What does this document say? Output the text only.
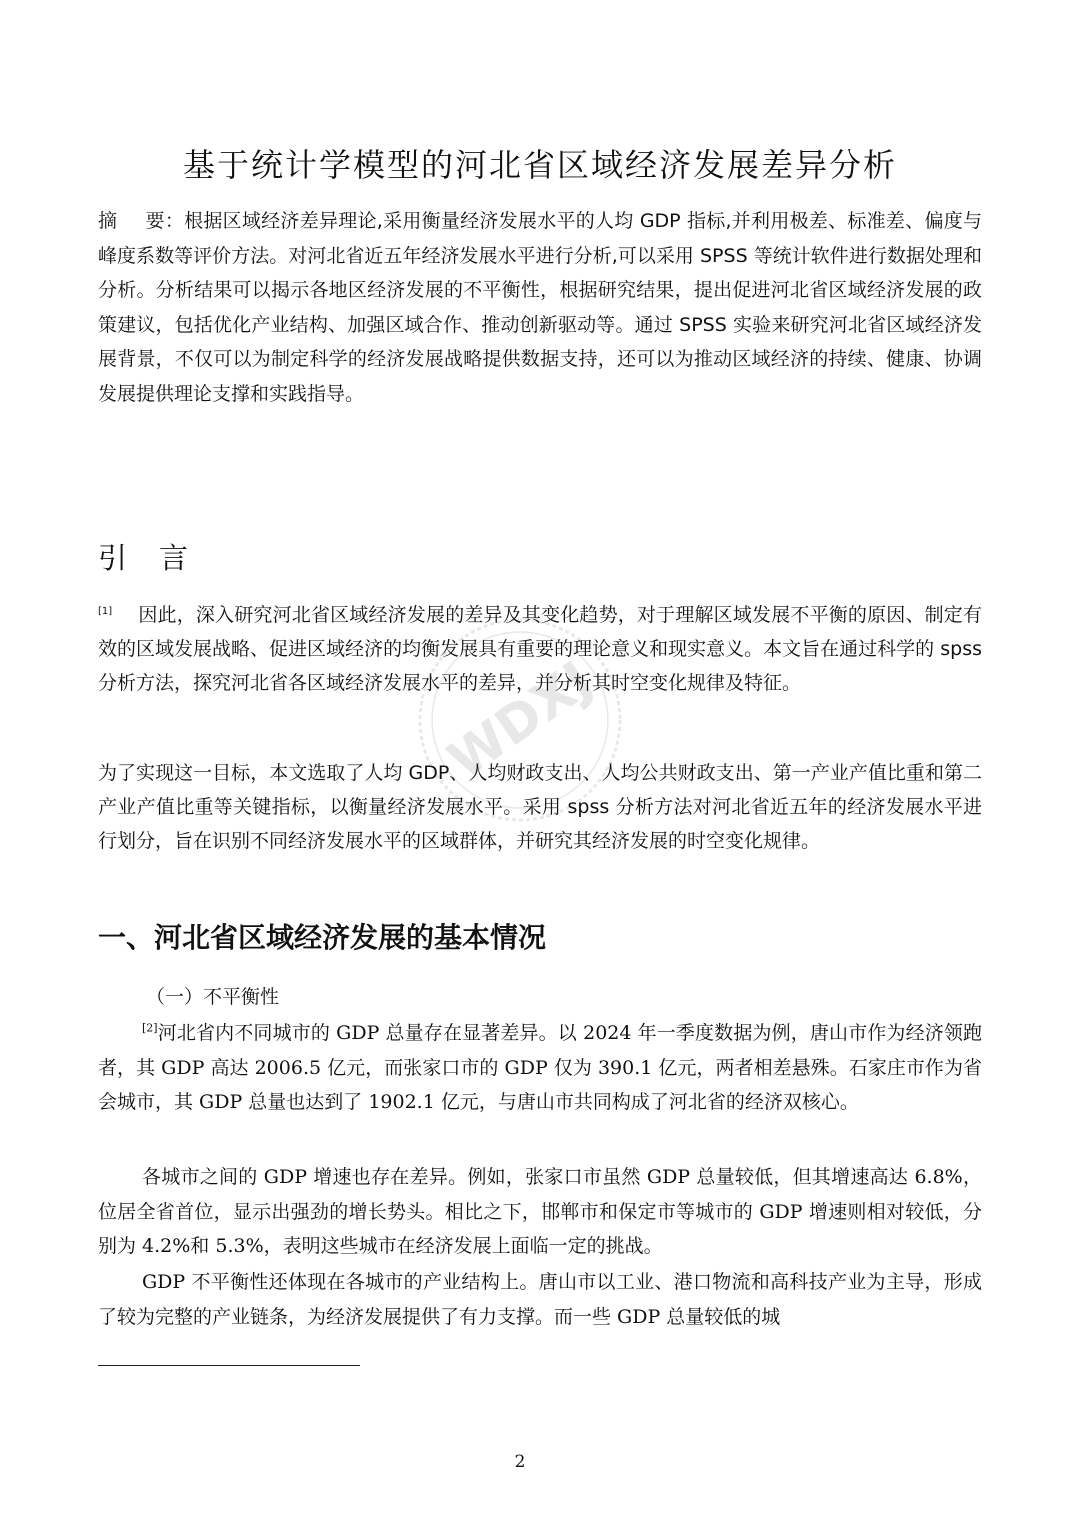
基于统计学模型的河北省区域经济发展差异分析
摘 要：根据区域经济差异理论,采用衡量经济发展水平的人均 GDP 指标,并利用极差、标准差、偏度与峰度系数等评价方法。对河北省近五年经济发展水平进行分析,可以采用 SPSS 等统计软件进行数据处理和分析。分析结果可以揭示各地区经济发展的不平衡性，根据研究结果，提出促进河北省区域经济发展的政策建议，包括优化产业结构、加强区域合作、推动创新驱动等。通过 SPSS 实验来研究河北省区域经济发展背景，不仅可以为制定科学的经济发展战略提供数据支持，还可以为推动区域经济的持续、健康、协调发展提供理论支撑和实践指导。
引 言
[1] 因此，深入研究河北省区域经济发展的差异及其变化趋势，对于理解区域发展不平衡的原因、制定有效的区域发展战略、促进区域经济的均衡发展具有重要的理论意义和现实意义。本文旨在通过科学的 spss 分析方法，探究河北省各区域经济发展水平的差异，并分析其时空变化规律及特征。
为了实现这一目标，本文选取了人均 GDP、人均财政支出、人均公共财政支出、第一产业产值比重和第二产业产值比重等关键指标，以衡量经济发展水平。采用 spss 分析方法对河北省近五年的经济发展水平进行划分，旨在识别不同经济发展水平的区域群体，并研究其经济发展的时空变化规律。
一、河北省区域经济发展的基本情况
（一）不平衡性
[2]河北省内不同城市的 GDP 总量存在显著差异。以 2024 年一季度数据为例，唐山市作为经济领跑者，其 GDP 高达 2006.5 亿元，而张家口市的 GDP 仅为 390.1 亿元，两者相差悬殊。石家庄市作为省会城市，其 GDP 总量也达到了 1902.1 亿元，与唐山市共同构成了河北省的经济双核心。
各城市之间的 GDP 增速也存在差异。例如，张家口市虽然 GDP 总量较低，但其增速高达 6.8%，位居全省首位，显示出强劲的增长势头。相比之下，邯郸市和保定市等城市的 GDP 增速则相对较低，分别为 4.2%和 5.3%，表明这些城市在经济发展上面临一定的挑战。
GDP 不平衡性还体现在各城市的产业结构上。唐山市以工业、港口物流和高科技产业为主导，形成了较为完整的产业链条，为经济发展提供了有力支撑。而一些 GDP 总量较低的城
2
WDXJ
